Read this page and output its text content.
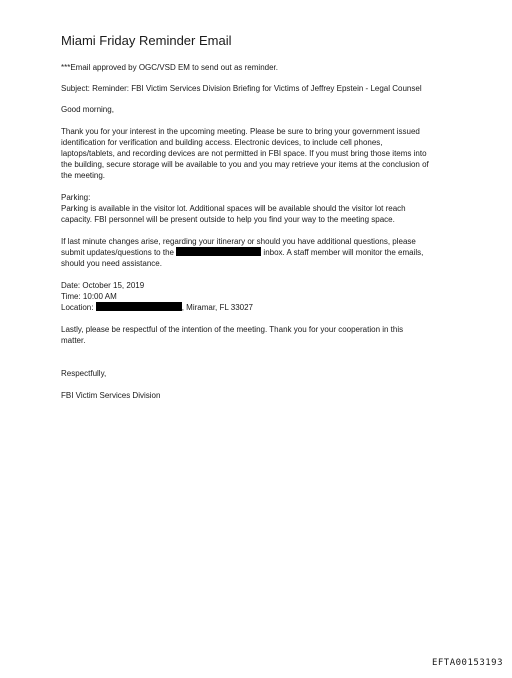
Miami Friday Reminder Email

***Email approved by OGC/VSD EM to send out as reminder.

Subject: Reminder: FBI Victim Services Division Briefing for Victims of Jeffrey Epstein - Legal Counsel

Good morning,

Thank you for your interest in the upcoming meeting. Please be sure to bring your government issued

identification for verification and building access. Electronic devices, to include cell phones,

laptops/tablets, and recording devices are not permitted in FBI space. If you must bring those items into

the building, secure storage will be available to you and you may retrieve your items at the conclusion of

the meeting.

Parking:

Parking is available in the visitor lot. Additional spaces will be available should the visitor lot reach

capacity. FBI personnel will be present outside to help you find your way to the meeting space.

If last minute changes arise, regarding your itinerary or should you have additional questions, please

submit updates/questions to the	inbox. A staff member will monitor the emails,

should you need assistance.

Date: October 15, 2019

Time: 10:00 AM

Location:	, Miramar, FL 33027

Lastly, please be respectful of the intention of the meeting. Thank you for your cooperation in this

matter.

Respectfully,

FBI Victim Services Division

EFTA00153193
